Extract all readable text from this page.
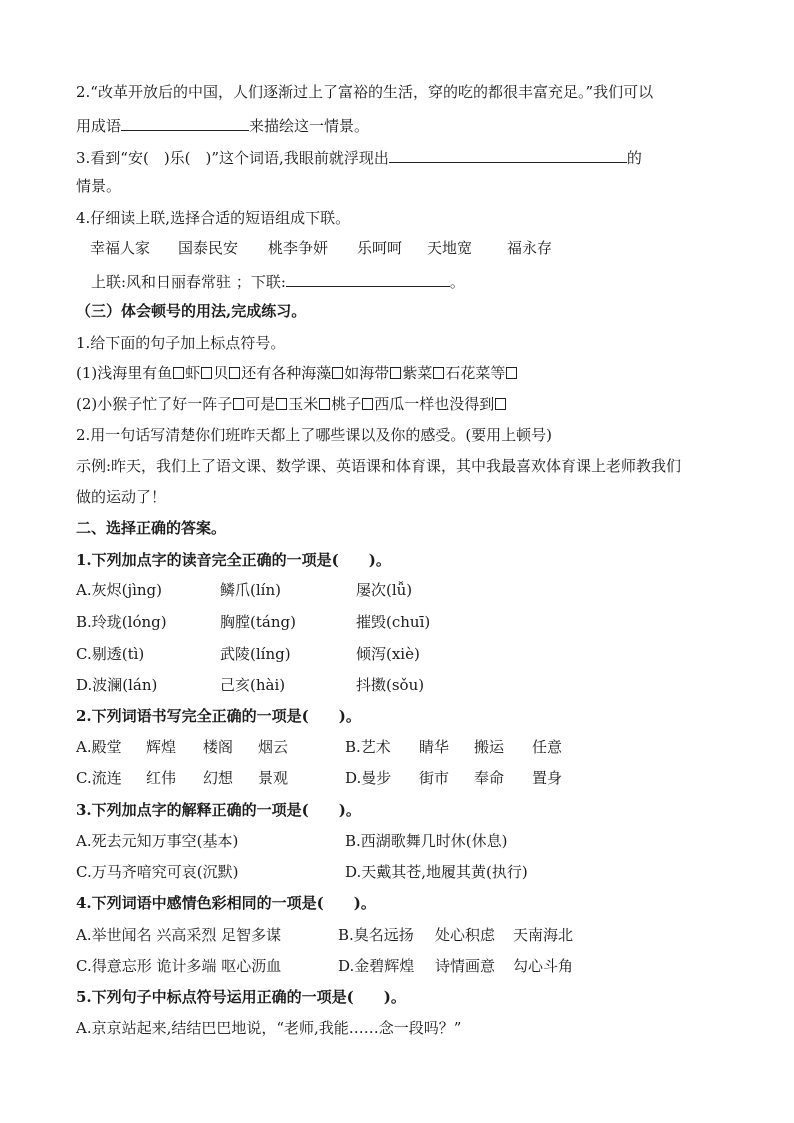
2.“改革开放后的中国，人们逐渐过上了富裕的生活，穿的吃的都很丰富充足。”我们可以
用成语	来描绘这一情景。
3.看到“安(　)乐(　)”这个词语,我眼前就浮现出	的
情景。
4.仔细读上联,选择合适的短语组成下联。
幸福人家 国泰民安 桃李争妍 乐呵呵 天地宽 福永存
上联:风和日丽春常驻 ；下联:	。
（三）体会顿号的用法,完成练习。
1.给下面的句子加上标点符号。
(1)浅海里有鱼 虾 贝 还有各种海藻 如海带 紫菜 石花菜等
(2)小猴子忙了好一阵子 可是 玉米 桃子 西瓜一样也没得到
2.用一句话写清楚你们班昨天都上了哪些课以及你的感受。(要用上顿号)
示例:昨天，我们上了语文课、数学课、英语课和体育课，其中我最喜欢体育课上老师教我们
做的运动了！
二、选择正确的答案。
1.下列加点字的读音完全正确的一项是(　　)。
A.灰烬(jìng)	鳞爪(lín)	屡次(lǚ)
B.玲珑(lóng)	胸膛(táng)	摧毁(chuī)
C.剔透(tì)	武陵(líng)	倾泻(xiè)
D.波澜(lán)	己亥(hài)	抖擞(sǒu)
2.下列词语书写完全正确的一项是(　　)。
A.殿堂 辉煌 楼阁 烟云	B.艺术 睛华 搬运 任意
C.流连 红伟 幻想 景观	D.曼步 街市 奉命 置身
3.下列加点字的解释正确的一项是(　　)。
A.死去元知万事空(基本)	B.西湖歌舞几时休(休息)
C.万马齐喑究可哀(沉默)	D.天戴其苍,地履其黄(执行)
4.下列词语中感情色彩相同的一项是(　　)。
A.举世闻名 兴高采烈 足智多谋	B.臭名远扬 处心积虑 天南海北
C.得意忘形 诡计多端 呕心沥血	D.金碧辉煌 诗情画意 勾心斗角
5.下列句子中标点符号运用正确的一项是(　　)。
A.京京站起来,结结巴巴地说，“老师,我能……念一段吗？”
